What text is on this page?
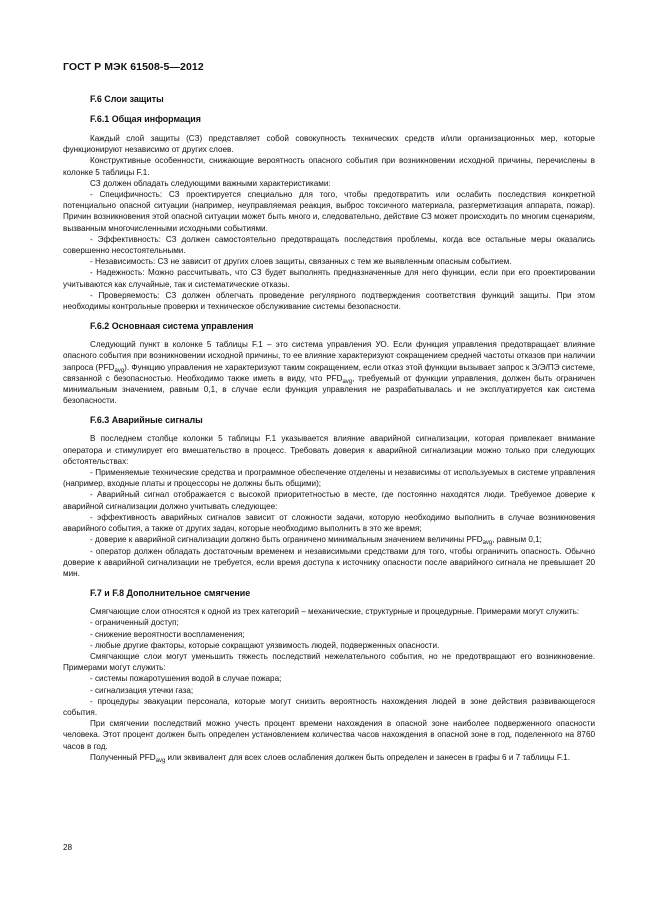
ГОСТ Р МЭК 61508-5—2012
F.6 Слои защиты
F.6.1 Общая информация

Каждый слой защиты (СЗ) представляет собой совокупность технических средств и/или организационных мер, которые функционируют независимо от других слоев.

Конструктивные особенности, снижающие вероятность опасного события при возникновении исходной причины, перечислены в колонке 5 таблицы F.1.

СЗ должен обладать следующими важными характеристиками:

- Специфичность: СЗ проектируется специально для того, чтобы предотвратить или ослабить последствия конкретной потенциально опасной ситуации (например, неуправляемая реакция, выброс токсичного материала, разгерметизация аппарата, пожар). Причин возникновения этой опасной ситуации может быть много и, следовательно, действие СЗ может происходить по многим сценариям, вызванным многочисленными исходными событиями.

- Эффективность: СЗ должен самостоятельно предотвращать последствия проблемы, когда все остальные меры оказались совершенно несостоятельными.

- Независимость: СЗ не зависит от других слоев защиты, связанных с тем же выявленным опасным событием.

- Надежность: Можно рассчитывать, что СЗ будет выполнять предназначенные для него функции, если при его проектировании учитываются как случайные, так и систематические отказы.

- Проверяемость: СЗ должен облегчать проведение регулярного подтверждения соответствия функций защиты. При этом необходимы контрольные проверки и техническое обслуживание системы безопасности.

F.6.2 Основнаая система управления

Следующий пункт в колонке 5 таблицы F.1 – это система управления УО. Если функция управления предотвращает влияние опасного события при возникновении исходной причины, то ее влияние характеризуют сокращением средней частоты отказов при наличии запроса $(PFD_{avg})$. Функцию управления не характеризуют таким сокращением, если отказ этой функции вызывает запрос к Э/Э/ПЭ системе, связанной с безопасностью. Необходимо также иметь в виду, что $PFD_{avg}$, требуемый от функции управления, должен быть ограничен минимальным значением, равным 0,1, в случае если функция управления не разрабатывалась и не эксплуатируется как система безопасности.

F.6.3 Аварийные сигналы

В последнем столбце колонки 5 таблицы F.1 указывается влияние аварийной сигнализации, которая привлекает внимание оператора и стимулирует его вмешательство в процесс. Требовать доверия к аварийной сигнализации можно только при следующих обстоятельствах:

- Применяемые технические средства и программное обеспечение отделены и независимы от используемых в системе управления (например, входные платы и процессоры не должны быть общими);

- Аварийный сигнал отображается с высокой приоритетностью в месте, где постоянно находятся люди. Требуемое доверие к аварийной сигнализации должно учитывать следующее:

- эффективность аварийных сигналов зависит от сложности задачи, которую необходимо выполнить в случае возникновения аварийного события, а также от других задач, которые необходимо выполнить в это же время;

- доверие к аварийной сигнализации должно быть ограничено минимальным значением величины $PFD_{avg}$, равным 0,1;

- оператор должен обладать достаточным временем и независимыми средствами для того, чтобы ограничить опасность. Обычно доверие к аварийной сигнализации не требуется, если время доступа к источнику опасности после аварийного сигнала не превышает 20 мин.

F.7 и F.8 Дополнительное смягчение

Смягчающие слои относятся к одной из трех категорий – механические, структурные и процедурные. Примерами могут служить:

- ограниченный доступ;

- снижение вероятности воспламенения;

- любые другие факторы, которые сокращают уязвимость людей, подверженных опасности.

Смягчающие слои могут уменьшить тяжесть последствий нежелательного события, но не предотвращают его возникновение. Примерами могут служить:

- системы пожаротушения водой в случае пожара;

- сигнализация утечки газа;

- процедуры эвакуации персонала, которые могут снизить вероятность нахождения людей в зоне действия развивающегося события.

При смягчении последствий можно учесть процент времени нахождения в опасной зоне наиболее подверженного опасности человека. Этот процент должен быть определен установлением количества часов нахождения в опасной зоне в год, поделенного на 8760 часов в год.

Полученный $PFD_{avg}$ или эквивалент для всех слоев ослабления должен быть определен и занесен в графы 6 и 7 таблицы F.1.

28
